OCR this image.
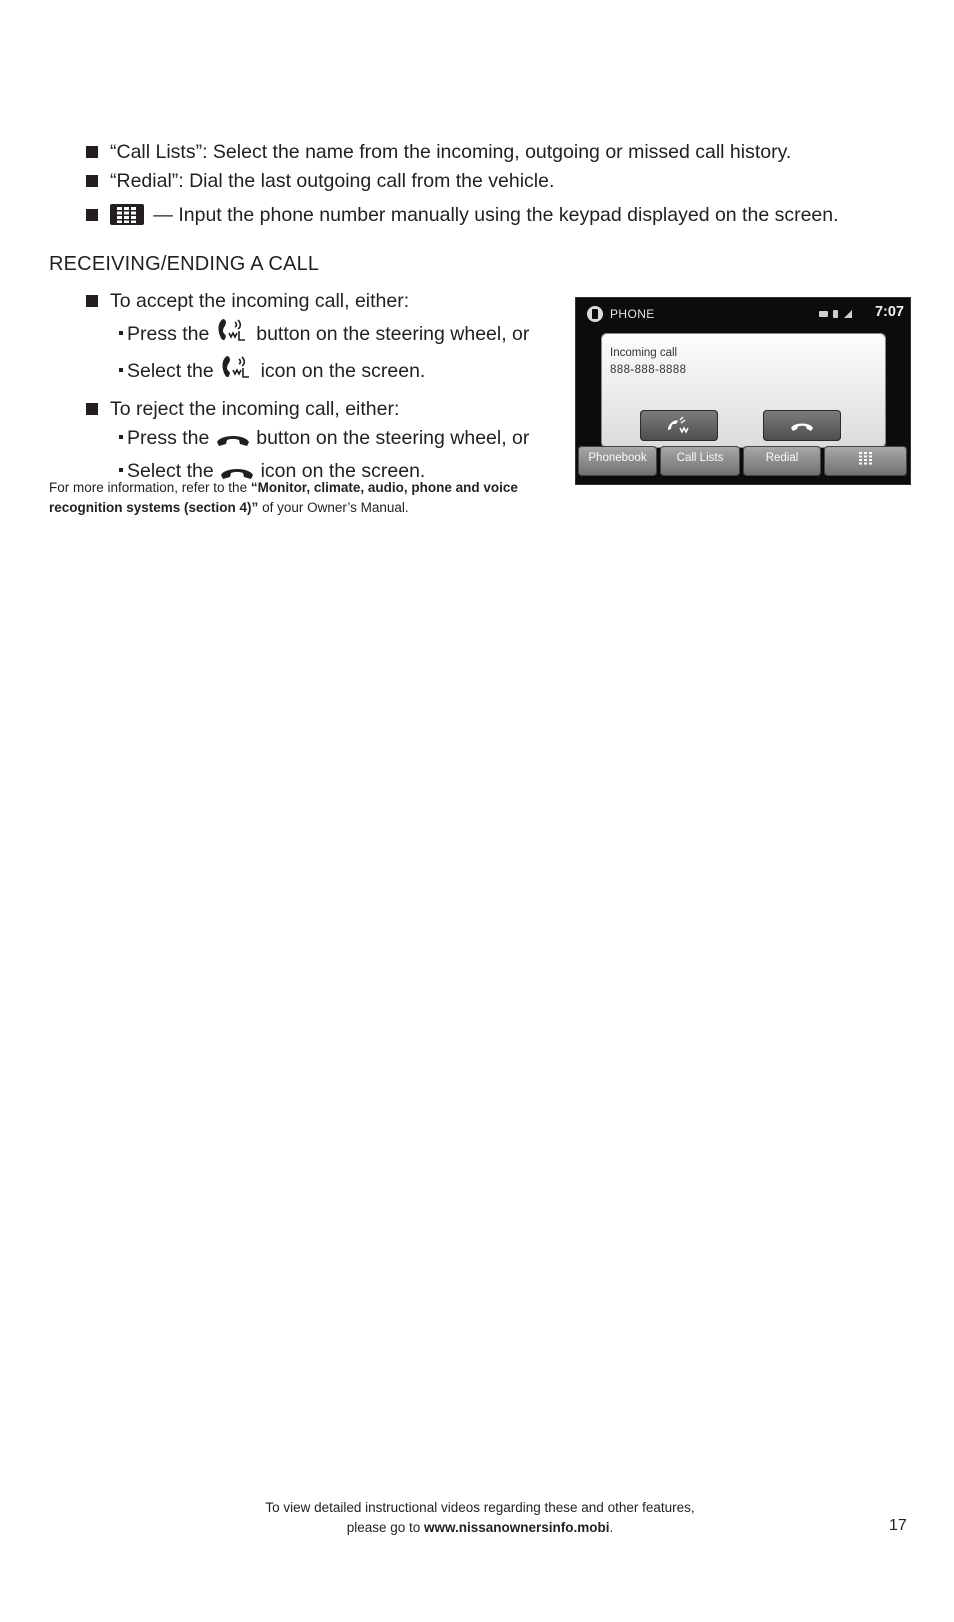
“Call Lists”: Select the name from the incoming, outgoing or missed call history.
“Redial”: Dial the last outgoing call from the vehicle.
— Input the phone number manually using the keypad displayed on the screen.
RECEIVING/ENDING A CALL
To accept the incoming call, either:
Press the button on the steering wheel, or
Select the icon on the screen.
To reject the incoming call, either:
Press the button on the steering wheel, or
Select the icon on the screen.
For more information, refer to the “Monitor, climate, audio, phone and voice recognition systems (section 4)” of your Owner’s Manual.
PHONE	7:07
Incoming call
888-888-8888
Phonebook	Call Lists	Redial
To view detailed instructional videos regarding these and other features,
please go to www.nissanownersinfo.mobi.	17
